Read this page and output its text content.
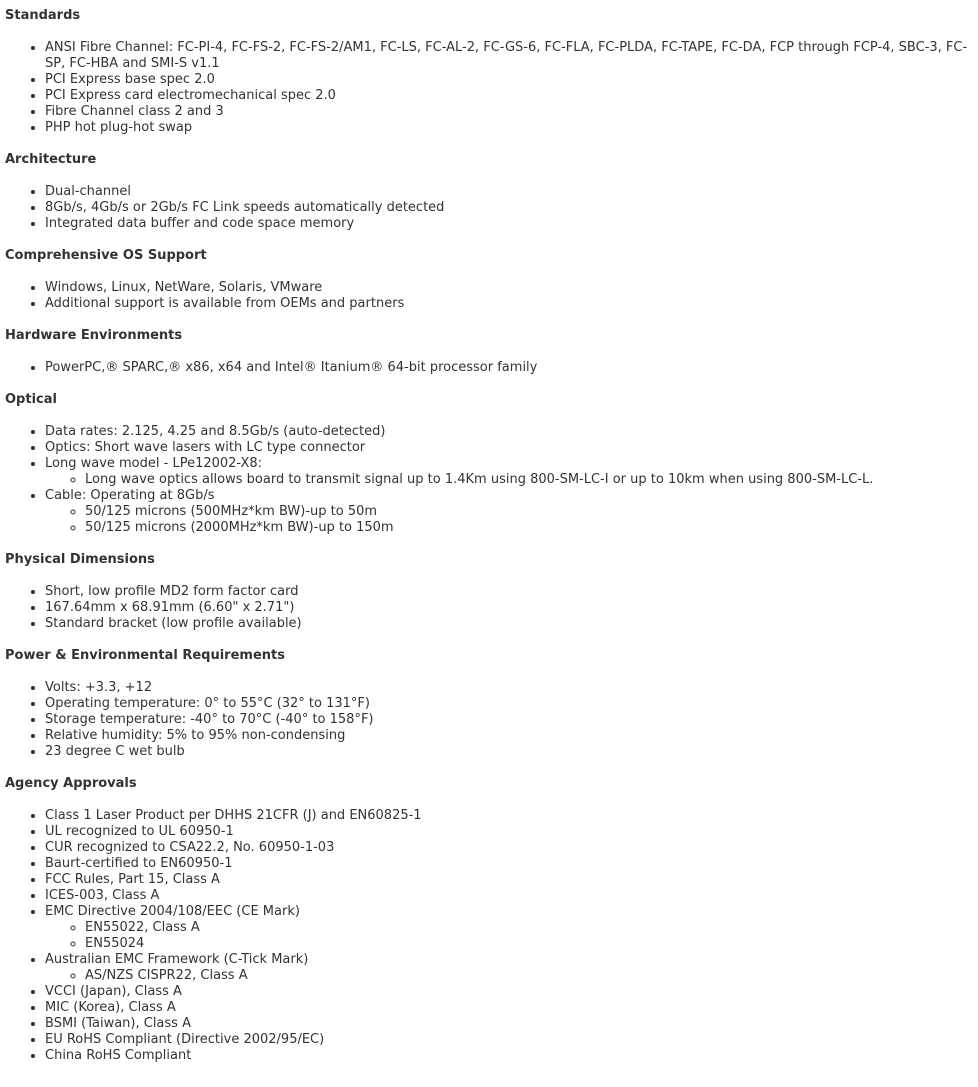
Standards
• ANSI Fibre Channel: FC-PI-4, FC-FS-2, FC-FS-2/AM1, FC-LS, FC-AL-2, FC-GS-6, FC-FLA, FC-PLDA, FC-TAPE, FC-DA, FCP through FCP-4, SBC-3, FC-SP, FC-HBA and SMI-S v1.1
• PCI Express base spec 2.0
• PCI Express card electromechanical spec 2.0
• Fibre Channel class 2 and 3
• PHP hot plug-hot swap
Architecture
• Dual-channel
• 8Gb/s, 4Gb/s or 2Gb/s FC Link speeds automatically detected
• Integrated data buffer and code space memory
Comprehensive OS Support
• Windows, Linux, NetWare, Solaris, VMware
• Additional support is available from OEMs and partners
Hardware Environments
• PowerPC,® SPARC,® x86, x64 and Intel® Itanium® 64-bit processor family
Optical
• Data rates: 2.125, 4.25 and 8.5Gb/s (auto-detected)
• Optics: Short wave lasers with LC type connector
• Long wave model - LPe12002-X8:
◦ Long wave optics allows board to transmit signal up to 1.4Km using 800-SM-LC-I or up to 10km when using 800-SM-LC-L.
• Cable: Operating at 8Gb/s
◦ 50/125 microns (500MHz*km BW)-up to 50m
◦ 50/125 microns (2000MHz*km BW)-up to 150m
Physical Dimensions
• Short, low profile MD2 form factor card
• 167.64mm x 68.91mm (6.60" x 2.71")
• Standard bracket (low profile available)
Power & Environmental Requirements
• Volts: +3.3, +12
• Operating temperature: 0° to 55°C (32° to 131°F)
• Storage temperature: -40° to 70°C (-40° to 158°F)
• Relative humidity: 5% to 95% non-condensing
• 23 degree C wet bulb
Agency Approvals
• Class 1 Laser Product per DHHS 21CFR (J) and EN60825-1
• UL recognized to UL 60950-1
• CUR recognized to CSA22.2, No. 60950-1-03
• Baurt-certified to EN60950-1
• FCC Rules, Part 15, Class A
• ICES-003, Class A
• EMC Directive 2004/108/EEC (CE Mark)
◦ EN55022, Class A
◦ EN55024
• Australian EMC Framework (C-Tick Mark)
◦ AS/NZS CISPR22, Class A
• VCCI (Japan), Class A
• MIC (Korea), Class A
• BSMI (Taiwan), Class A
• EU RoHS Compliant (Directive 2002/95/EC)
• China RoHS Compliant
